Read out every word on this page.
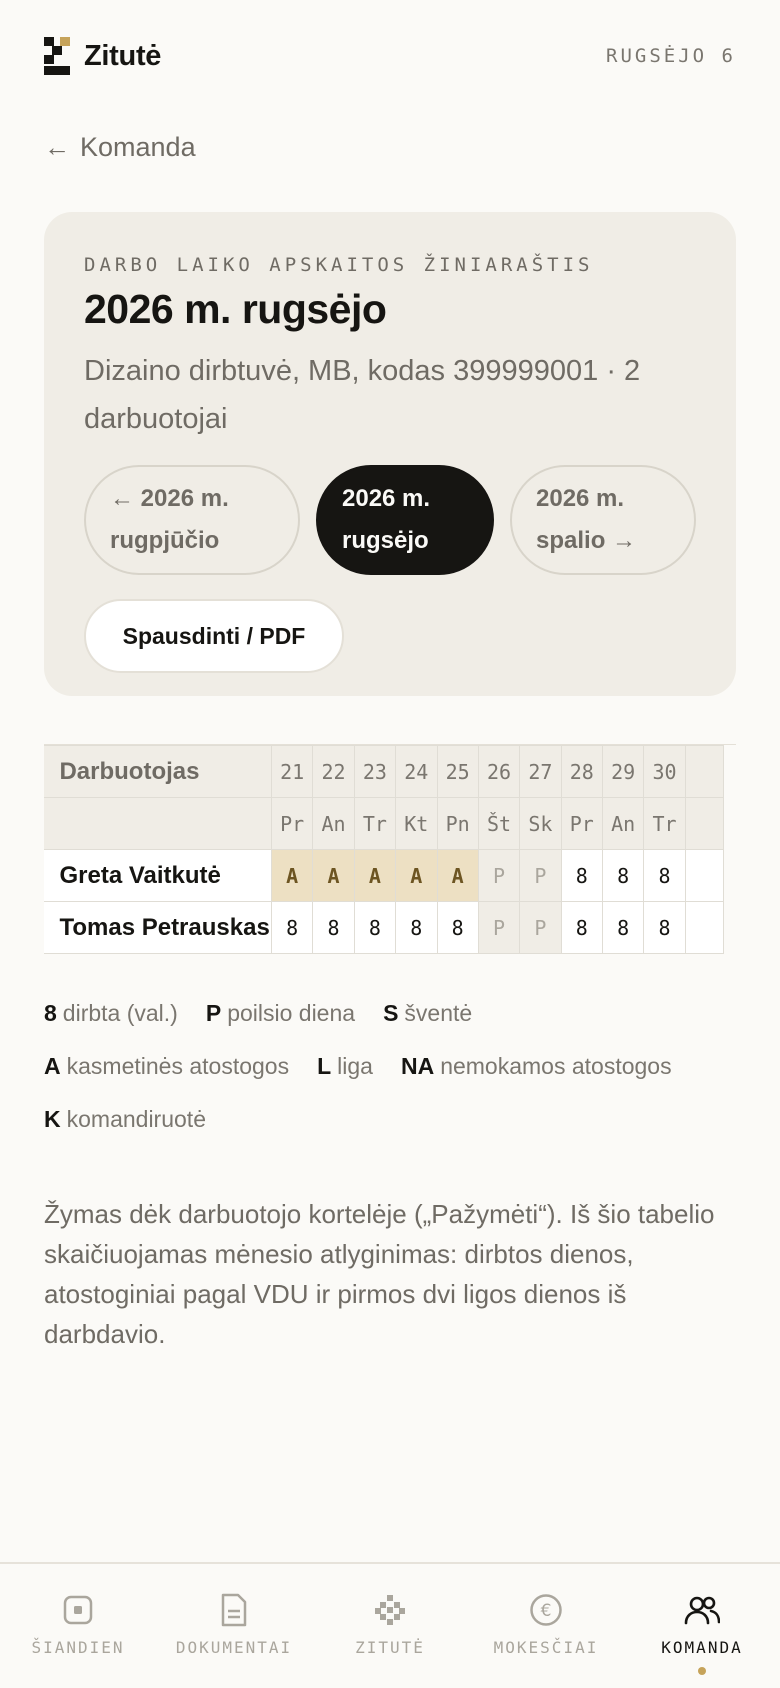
Zitutė	RUGSĖJO 6
← Komanda
DARBO LAIKO APSKAITOS ŽINIARAŠTIS
2026 m. rugsėjo
Dizaino dirbtuvė, MB, kodas 399999001 · 2 darbuotojai
← 2026 m. rugpjūčio
2026 m. rugsėjo
2026 m. spalio →
Spausdinti / PDF
	Darbuotojas	21	22	23	24	25	26	27	28	29	30	
		Pr	An	Tr	Kt	Pn	Št	Sk	Pr	An	Tr	
	Greta Vaitkutė	A	A	A	A	A	P	P	8	8	8	
	Tomas Petrauskas	8	8	8	8	8	P	P	8	8	8	
8 dirbta (val.) P poilsio diena S šventė
A kasmetinės atostogos L liga NA nemokamos atostogos
K komandiruotė
Žymas dėk darbuotojo kortelėje („Pažymėti“). Iš šio tabelio skaičiuojamas mėnesio atlyginimas: dirbtos dienos, atostoginiai pagal VDU ir pirmos dvi ligos dienos iš darbdavio.
ŠIANDIEN	DOKUMENTAI	ZITUTĖ
€
MOKESČIAI	KOMANDA
